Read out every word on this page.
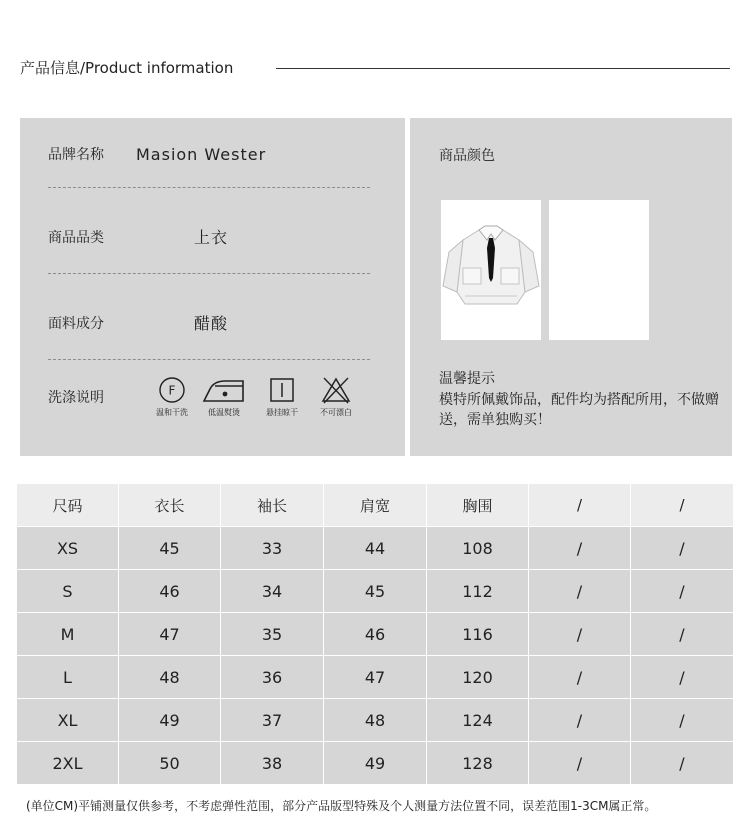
产品信息/Product information
品牌名称 Masion Wester
商品品类	上衣
面料成分	醋酸
洗涤说明	F
温和干洗	低温熨烫	悬挂晾干	不可漂白
商品颜色
温馨提示

模特所佩戴饰品，配件均为搭配所用，不做赠送，需单独购买！

尺码	衣长	袖长	肩宽	胸围	/	/
XS	45	33	44	108	/	/
S	46	34	45	112	/	/
M	47	35	46	116	/	/
L	48	36	47	120	/	/
XL	49	37	48	124	/	/
2XL	50	38	49	128	/	/

(单位CM)平铺测量仅供参考，不考虑弹性范围，部分产品版型特殊及个人测量方法位置不同，误差范围1-3CM属正常。
